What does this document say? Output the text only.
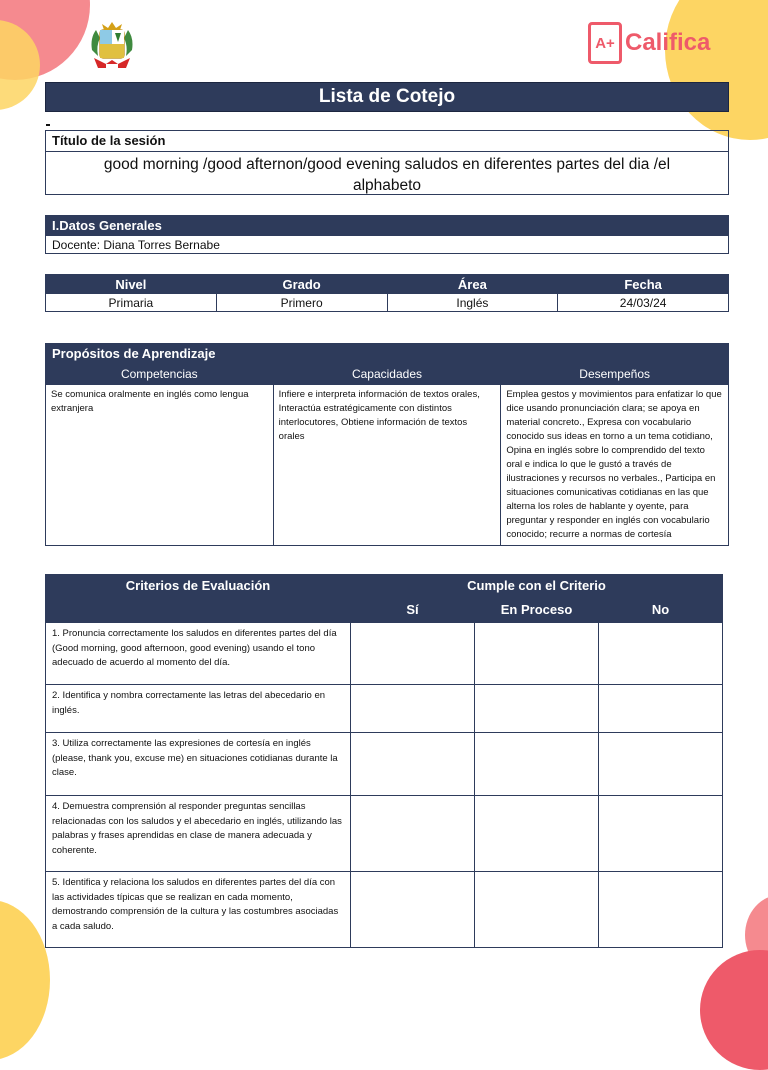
A+ Califica
Lista de Cotejo
Título de la sesión
good morning /good afternon/good evening saludos en diferentes partes del dia /el alphabeto
I.Datos Generales
Docente: Diana Torres Bernabe
Nivel	Grado	Área	Fecha
Primaria	Primero	Inglés	24/03/24
Propósitos de Aprendizaje		
Competencias	Capacidades	Desempeños
Se comunica oralmente en inglés como lengua extranjera	Infiere e interpreta información de textos orales, Interactúa estratégicamente con distintos interlocutores, Obtiene información de textos orales	Emplea gestos y movimientos para enfatizar lo que dice usando pronunciación clara; se apoya en material concreto., Expresa con vocabulario conocido sus ideas en torno a un tema cotidiano, Opina en inglés sobre lo comprendido del texto oral e indica lo que le gustó a través de ilustraciones y recursos no verbales., Participa en situaciones comunicativas cotidianas en las que alterna los roles de hablante y oyente, para preguntar y responder en inglés con vocabulario conocido; recurre a normas de cortesía
Criterios de Evaluación	Cumple con el Criterio		
	Sí	En Proceso	No
1. Pronuncia correctamente los saludos en diferentes partes del día (Good morning, good afternoon, good evening) usando el tono adecuado de acuerdo al momento del día.			
2. Identifica y nombra correctamente las letras del abecedario en inglés.			
3. Utiliza correctamente las expresiones de cortesía en inglés (please, thank you, excuse me) en situaciones cotidianas durante la clase.			
4. Demuestra comprensión al responder preguntas sencillas relacionadas con los saludos y el abecedario en inglés, utilizando las palabras y frases aprendidas en clase de manera adecuada y coherente.			
5. Identifica y relaciona los saludos en diferentes partes del día con las actividades típicas que se realizan en cada momento, demostrando comprensión de la cultura y las costumbres asociadas a cada saludo.			
